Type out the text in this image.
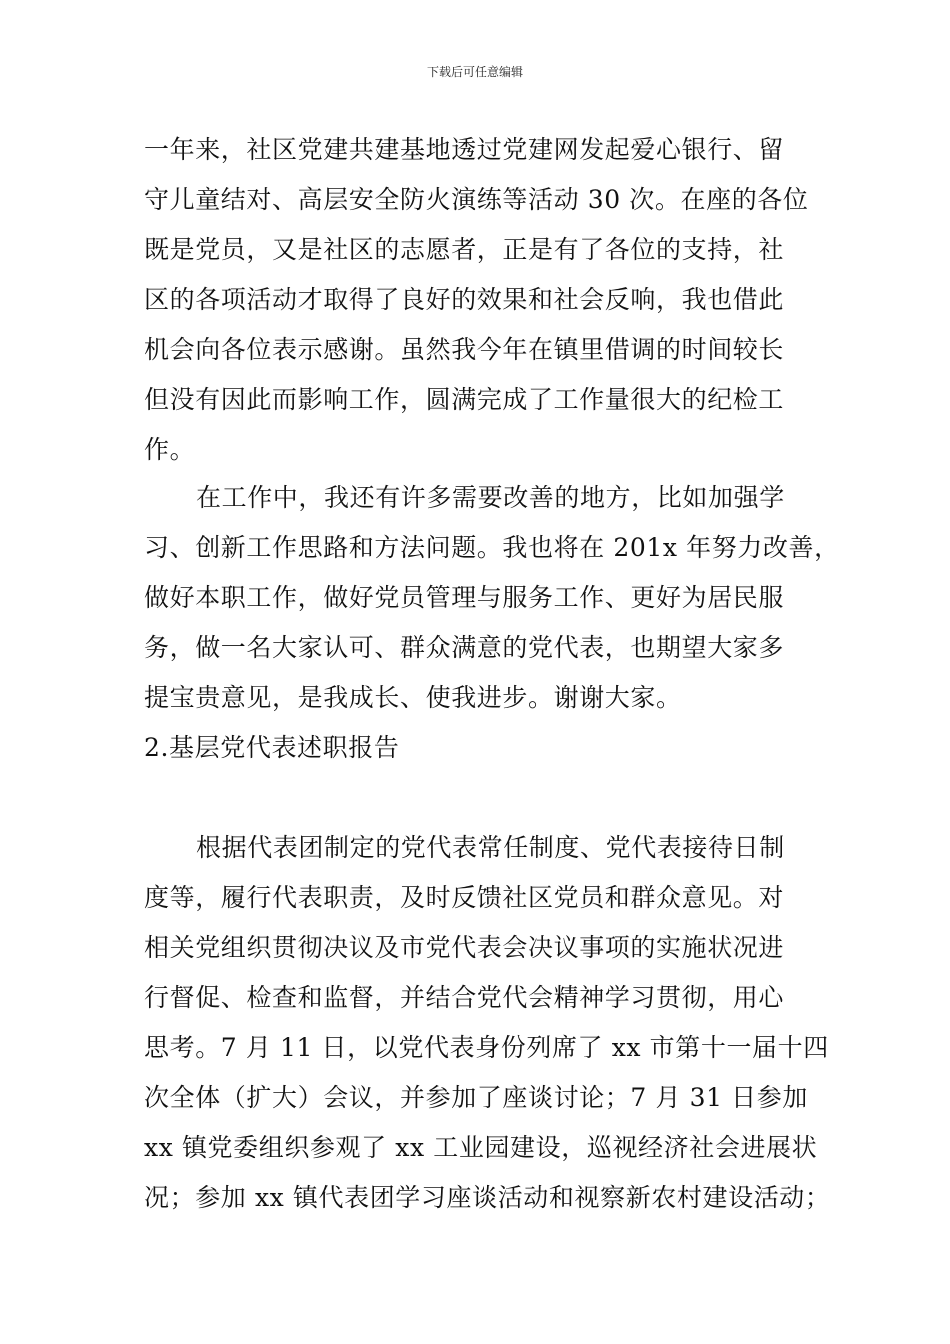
下载后可任意编辑
一年来，社区党建共建基地透过党建网发起爱心银行、留
守儿童结对、高层安全防火演练等活动 30 次。在座的各位
既是党员，又是社区的志愿者，正是有了各位的支持，社
区的各项活动才取得了良好的效果和社会反响，我也借此
机会向各位表示感谢。虽然我今年在镇里借调的时间较长
但没有因此而影响工作，圆满完成了工作量很大的纪检工
作。
在工作中，我还有许多需要改善的地方，比如加强学
习、创新工作思路和方法问题。我也将在 201x 年努力改善，
做好本职工作，做好党员管理与服务工作、更好为居民服
务，做一名大家认可、群众满意的党代表，也期望大家多
提宝贵意见，是我成长、使我进步。谢谢大家。
2.基层党代表述职报告
根据代表团制定的党代表常任制度、党代表接待日制
度等，履行代表职责，及时反馈社区党员和群众意见。对
相关党组织贯彻决议及市党代表会决议事项的实施状况进
行督促、检查和监督，并结合党代会精神学习贯彻，用心
思考。7 月 11 日，以党代表身份列席了 xx 市第十一届十四
次全体（扩大）会议，并参加了座谈讨论；7 月 31 日参加
xx 镇党委组织参观了 xx 工业园建设，巡视经济社会进展状
况；参加 xx 镇代表团学习座谈活动和视察新农村建设活动；
